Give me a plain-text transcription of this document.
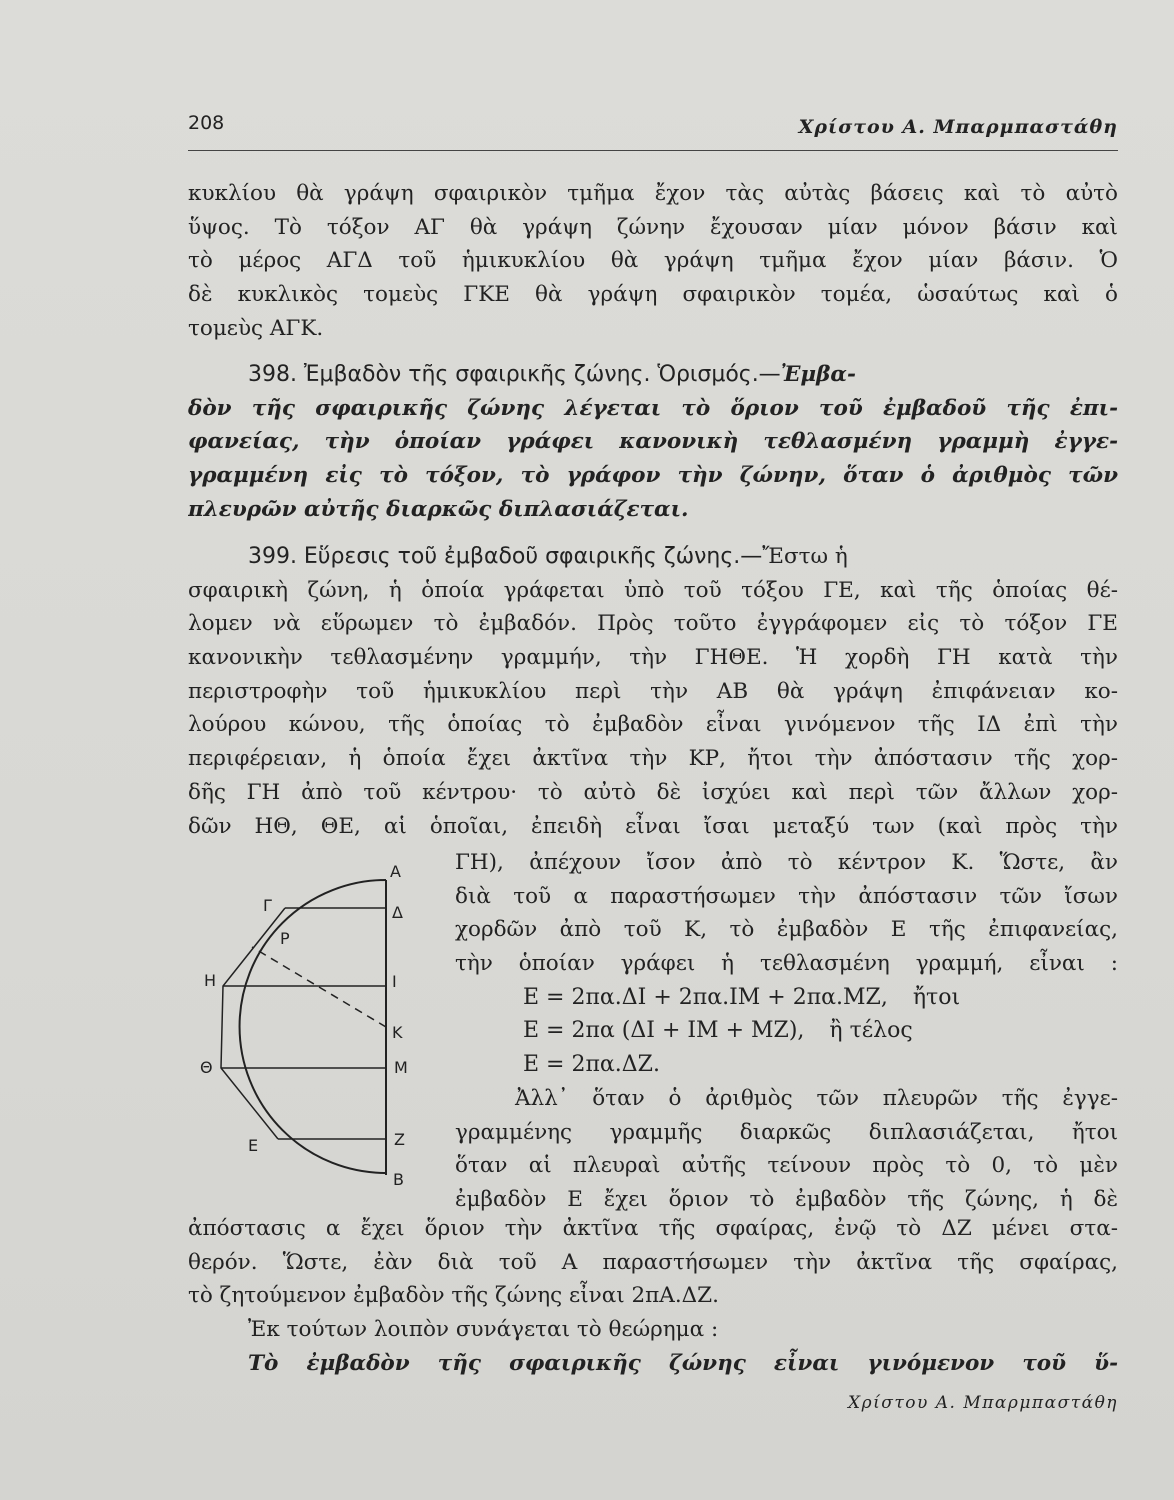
208	Χρίστου Α. Μπαρμπαστάθη
κυκλίου θὰ γράψη σφαιρικὸν τμῆμα ἔχον τὰς αὐτὰς βάσεις καὶ τὸ αὐτὸ
ὕψος. Τὸ τόξον ΑΓ θὰ γράψη ζώνην ἔχουσαν μίαν μόνον βάσιν καὶ
τὸ μέρος ΑΓΔ τοῦ ἡμικυκλίου θὰ γράψη τμῆμα ἔχον μίαν βάσιν. Ὁ
δὲ κυκλικὸς τομεὺς ΓΚΕ θὰ γράψη σφαιρικὸν τομέα, ὡσαύτως καὶ ὁ
τομεὺς ΑΓΚ.
398. Ἐμβαδὸν τῆς σφαιρικῆς ζώνης. Ὁρισμός.—Ἐμβα-
δὸν τῆς σφαιρικῆς ζώνης λέγεται τὸ ὅριον τοῦ ἐμβαδοῦ τῆς ἐπι-
φανείας, τὴν ὁποίαν γράφει κανονικὴ τεθλασμένη γραμμὴ ἐγγε-
γραμμένη εἰς τὸ τόξον, τὸ γράφον τὴν ζώνην, ὅταν ὁ ἀριθμὸς τῶν
πλευρῶν αὐτῆς διαρκῶς διπλασιάζεται.
399. Εὕρεσις τοῦ ἐμβαδοῦ σφαιρικῆς ζώνης.—Ἔστω ἡ
σφαιρικὴ ζώνη, ἡ ὁποία γράφεται ὑπὸ τοῦ τόξου ΓΕ, καὶ τῆς ὁποίας θέ-
λομεν νὰ εὕρωμεν τὸ ἐμβαδόν. Πρὸς τοῦτο ἐγγράφομεν εἰς τὸ τόξον ΓΕ
κανονικὴν τεθλασμένην γραμμήν, τὴν ΓΗΘΕ. Ἡ χορδὴ ΓΗ κατὰ τὴν
περιστροφὴν τοῦ ἡμικυκλίου περὶ τὴν ΑΒ θὰ γράψη ἐπιφάνειαν κο-
λούρου κώνου, τῆς ὁποίας τὸ ἐμβαδὸν εἶναι γινόμενον τῆς ΙΔ ἐπὶ τὴν
περιφέρειαν, ἡ ὁποία ἔχει ἀκτῖνα τὴν ΚΡ, ἤτοι τὴν ἀπόστασιν τῆς χορ-
δῆς ΓΗ ἀπὸ τοῦ κέντρου· τὸ αὐτὸ δὲ ἰσχύει καὶ περὶ τῶν ἄλλων χορ-
δῶν ΗΘ, ΘΕ, αἱ ὁποῖαι, ἐπειδὴ εἶναι ἴσαι μεταξύ των (καὶ πρὸς τὴν
ΓΗ), ἀπέχουν ἴσον ἀπὸ τὸ κέντρον Κ. Ὥστε, ἂν
διὰ τοῦ α παραστήσωμεν τὴν ἀπόστασιν τῶν ἴσων
χορδῶν ἀπὸ τοῦ Κ, τὸ ἐμβαδὸν Ε τῆς ἐπιφανείας,
τὴν ὁποίαν γράφει ἡ τεθλασμένη γραμμή, εἶναι :
Ε = 2πα.ΔΙ + 2πα.ΙΜ + 2πα.ΜΖ, ἤτοι
Ε = 2πα (ΔΙ + ΙΜ + ΜΖ), ἢ τέλος
Ε = 2πα.ΔΖ.
Ἀλλ᾽ ὅταν ὁ ἀριθμὸς τῶν πλευρῶν τῆς ἐγγε-
γραμμένης γραμμῆς διαρκῶς διπλασιάζεται, ἤτοι
ὅταν αἱ πλευραὶ αὐτῆς τείνουν πρὸς τὸ 0, τὸ μὲν
ἐμβαδὸν Ε ἔχει ὅριον τὸ ἐμβαδὸν τῆς ζώνης, ἡ δὲ
Α
Γ	Δ
Ρ
Η	Ι
Κ
Θ	Μ
Ε	Ζ
Β
ἀπόστασις α ἔχει ὅριον τὴν ἀκτῖνα τῆς σφαίρας, ἐνῷ τὸ ΔΖ μένει στα-
θερόν. Ὥστε, ἐὰν διὰ τοῦ Α παραστήσωμεν τὴν ἀκτῖνα τῆς σφαίρας,
τὸ ζητούμενον ἐμβαδὸν τῆς ζώνης εἶναι 2πΑ.ΔΖ.
Ἐκ τούτων λοιπὸν συνάγεται τὸ θεώρημα :
Τὸ ἐμβαδὸν τῆς σφαιρικῆς ζώνης εἶναι γινόμενον τοῦ ὕ-
Χρίστου Α. Μπαρμπαστάθη
